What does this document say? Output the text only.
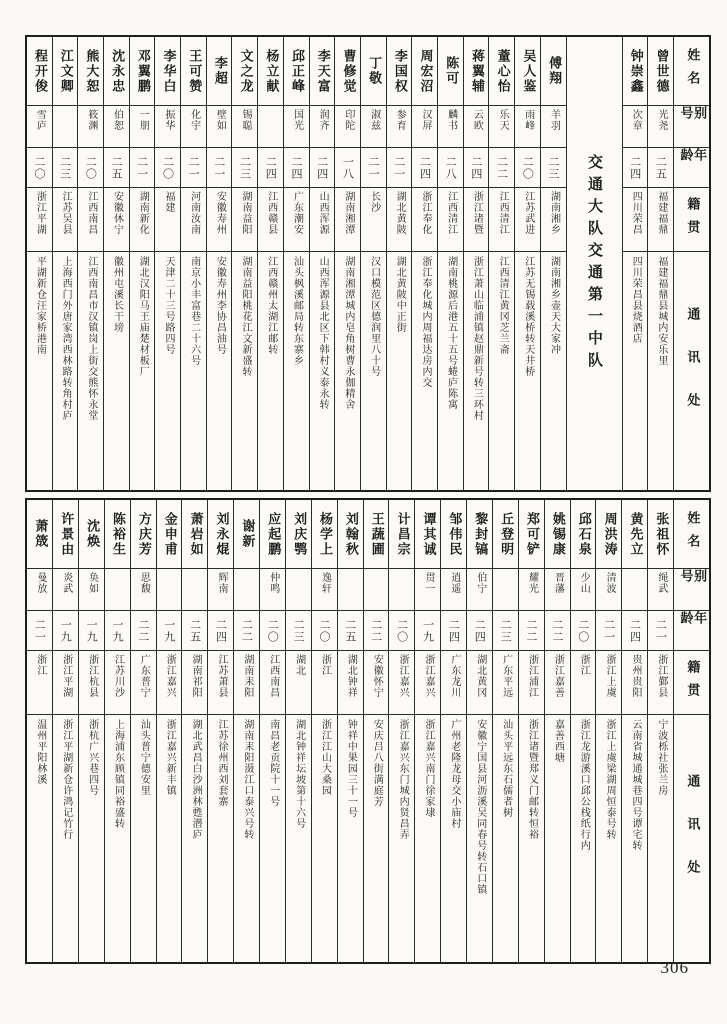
姓名
别号
年龄
籍贯
通讯处
曾世德
光尧
二五
福建福鼎
福建福鼎县城内安乐里
钟崇鑫
次章
二四
四川荣昌
四川荣昌县烧酒店
交通大队交通第一中队
傅翔
羊羽
二三
湖南湘乡
湖南湘乡壶天大家冲
吴人鉴
雨峰
二〇
江苏武进
江苏无锡载溪桥转天井桥
蕫心怡
乐天
二二
江西清江
江西清江黄冈芝兰斋
蒋翼辅
云欧
二四
浙江诸暨
浙江萧山临浦镇赵鼎新号转三环村
陈可
麟书
二八
江西清江
湖南桃源后港五十五号蜷庐陈寓
周宏沼
汉屏
二四
浙江奉化
浙江奉化城内周福达房内交
李国权
参育
二一
湖北黄陂
湖北黄陂中正街
丁敬
淑兹
二一
长沙
汉口模范区德润里八十号
曹修觉
印陀
一八
湖南湘潭
湖南湘潭城内皂角树曹永伽精舍
李天富
润齐
二四
山西浑源
山西浑源县北区下韩村义泰永转
邱正峰
国光
二四
广东潮安
汕头枫溪邮局转东寨乡
杨立献
二四
江西赣县
江西赣州太湖江邮转
文之龙
锡聪
二三
湖南益阳
湖南益阳桃花江文新盛转
李超
壁如
二一
安徽寿州
安徽寿州李协昌油号
王可赞
化宇
二一
河南汝南
南京小丰富巷二十六号
李华白
振华
二〇
福建
天津二十三号路四号
邓翼鹏
一朋
二一
湖南新化
湖北汉阳马王庙楚材板厂
沈永忠
伯恕
二五
安徽休宁
徽州屯溪长干塝
熊大恕
筱渊
二〇
江西南昌
江西南昌市汉镇岗上街交熊怀永堂
江文卿
二三
江苏吴县
上海西门外唐家湾西林路转角村庐
程开俊
雪庐
二〇
浙江平湖
平湖新仓汪家桥港南
姓名
别号
年龄
籍贯
通讯处
张祖怀
绳武
二一
浙江鄞县
宁波栎社张兰房
黄先立
二四
贵州贵阳
云南省城通城巷四号谭宅转
周洪涛
清波
二一
浙江上虞
浙江上虞梁湖周恒泰号转
邱石泉
少山
二〇
浙江
浙江龙游溪口邱公栈纸行内
姚锡康
晋藩
二二
浙江嘉善
嘉善西塘
郑可铲
耀光
二二
浙江浦江
浙江诸暨郑义门邮转恒裕
丘登明
二三
广东平远
汕头平远东石儒者树
黎封镐
伯宁
二四
湖北黄冈
安徽宁国县河沥溪吴同春号转石口镇
邹伟民
逍遥
二四
广东龙川
广州老隆龙母交小庙村
谭其诚
贯一
一九
浙江嘉兴
浙江嘉兴南门徐家埭
计昌宗
二〇
浙江嘉兴
浙江嘉兴东门城内贤昌弄
王蔬圃
二二
安徽怀宁
安庆吕八街满庭芳
刘翰秋
二五
湖北钟祥
钟祥中果园三十一号
杨学上
逸轩
二〇
浙江
浙江江山大桑园
刘庆鹗
二三
湖北
湖北钟祥坛坡第十六号
应起鹏
仲鸣
二〇
江西南昌
南昌老贡院十一号
谢新
二二
湖南耒阳
湖南耒阳滠江口泰兴号转
刘永焜
辉南
二四
江苏萧县
江苏徐州西刘套寨
萧岩如
二五
湖南祁阳
湖北武昌白沙洲林甦潜庐
金申甫
一九
浙江嘉兴
浙江嘉兴新丰镇
方庆芳
思馥
二二
广东普宁
汕头普宁德安里
陈裕生
一九
江苏川沙
上海浦东顾镇同裕盛转
沈焕
奂如
一九
浙江杭县
浙杭广兴巷四号
许景由
炎武
一九
浙江平湖
浙江平湖新仓许鸿记竹行
萧筬
曼放
二一
浙江
温州平阳林溪
306
